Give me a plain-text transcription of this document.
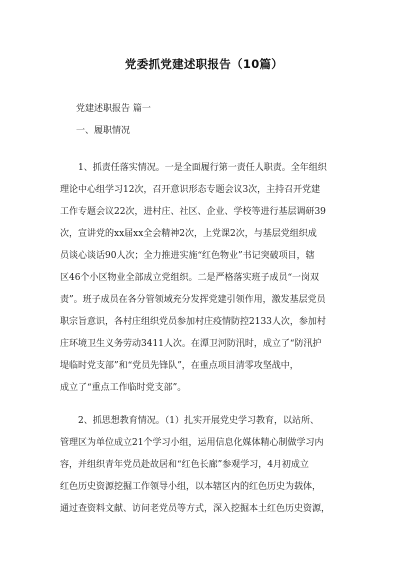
党委抓党建述职报告（10篇）
党建述职报告 篇一
一、履职情况
　　1、抓责任落实情况。一是全面履行第一责任人职责。全年组织
理论中心组学习12次，召开意识形态专题会议3次，主持召开党建
工作专题会议22次，进村庄、社区、企业、学校等进行基层调研39
次，宣讲党的xx届xx全会精神2次，上党课2次，与基层党组织成
员谈心谈话90人次；全力推进实施“红色物业”书记突破项目，辖
区46个小区物业全部成立党组织。二是严格落实班子成员“一岗双
责”。班子成员在各分管领域充分发挥党建引领作用，激发基层党员
职宗旨意识，各村庄组织党员参加村庄疫情防控2133人次，参加村
庄环境卫生义务劳动3411人次。在潭卫河防汛时，成立了“防汛护
堤临时党支部”和“党员先锋队”，在重点项目清零攻坚战中，
成立了“重点工作临时党支部”。
　　2、抓思想教育情况。（1）扎实开展党史学习教育，以站所、
管理区为单位成立21个学习小组，运用信息化媒体精心制做学习内
容，并组织青年党员赴故居和“红色长廊”参观学习，4月初成立
红色历史资源挖掘工作领导小组，以本辖区内的红色历史为载体，
通过查资料文献、访问老党员等方式，深入挖掘本土红色历史资源，
